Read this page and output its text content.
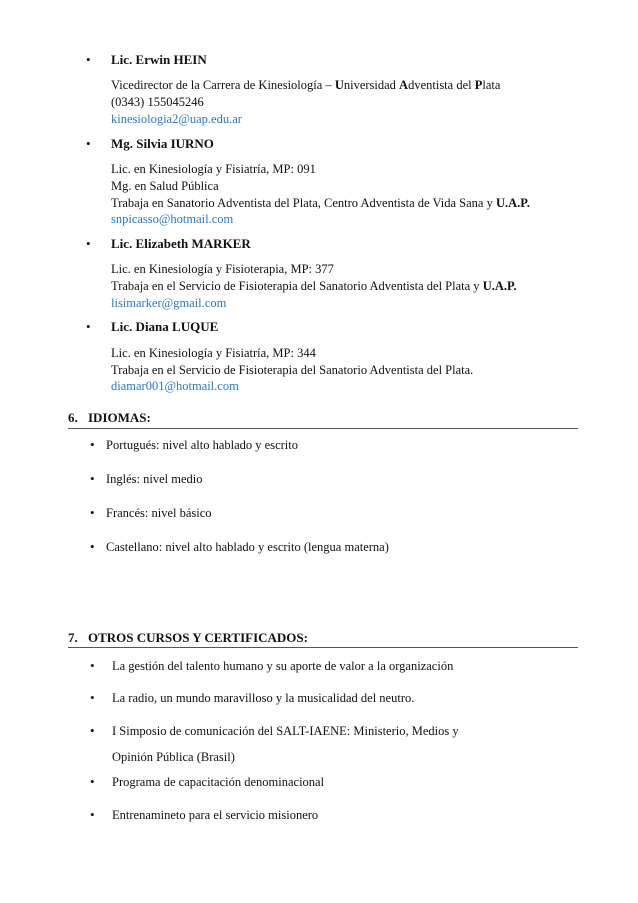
• Lic. Erwin HEIN
Vicedirector de la Carrera de Kinesiología – Universidad Adventista del Plata
(0343) 155045246
kinesiologia2@uap.edu.ar
• Mg. Silvia IURNO
Lic. en Kinesiología y Fisiatría, MP: 091
Mg. en Salud Pública
Trabaja en Sanatorio Adventista del Plata, Centro Adventista de Vida Sana y U.A.P.
snpicasso@hotmail.com
• Lic. Elizabeth MARKER
Lic. en Kinesiología y Fisioterapia, MP: 377
Trabaja en el Servicio de Fisioterapia del Sanatorio Adventista del Plata y U.A.P.
lisimarker@gmail.com
• Lic. Diana LUQUE
Lic. en Kinesiología y Fisiatría, MP: 344
Trabaja en el Servicio de Fisioterapia del Sanatorio Adventista del Plata.
diamar001@hotmail.com
6. IDIOMAS:
• Portugués: nivel alto hablado y escrito
• Inglés: nivel medio
• Francés: nivel básico
• Castellano: nivel alto hablado y escrito (lengua materna)
7. OTROS CURSOS Y CERTIFICADOS:
• La gestión del talento humano y su aporte de valor a la organización
• La radio, un mundo maravilloso y la musicalidad del neutro.
• I Simposio de comunicación del SALT-IAENE: Ministerio, Medios y
Opinión Pública (Brasil)
• Programa de capacitación denominacional
• Entrenamineto para el servicio misionero
